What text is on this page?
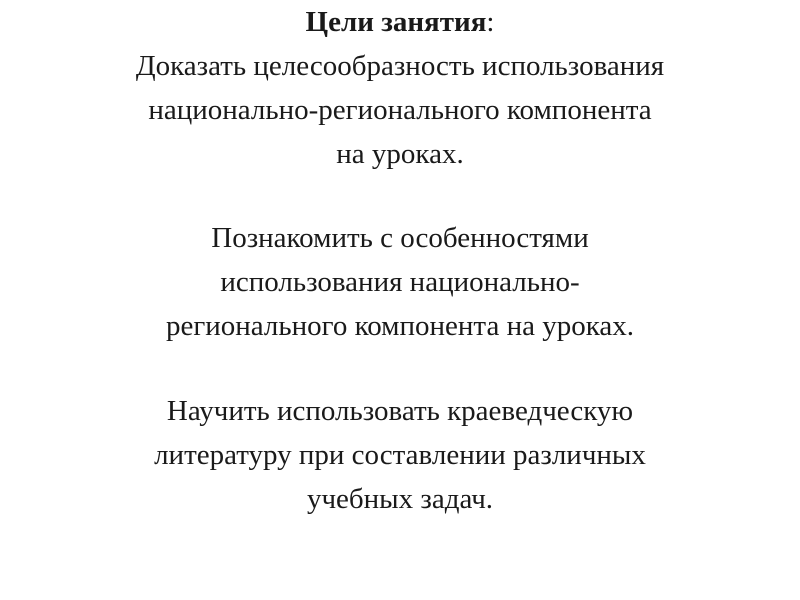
Цели занятия:
Доказать целесообразность использования
национально-регионального компонента
на уроках.
Познакомить с особенностями
использования национально-
регионального компонента на уроках.
Научить использовать краеведческую
литературу при составлении различных
учебных задач.
